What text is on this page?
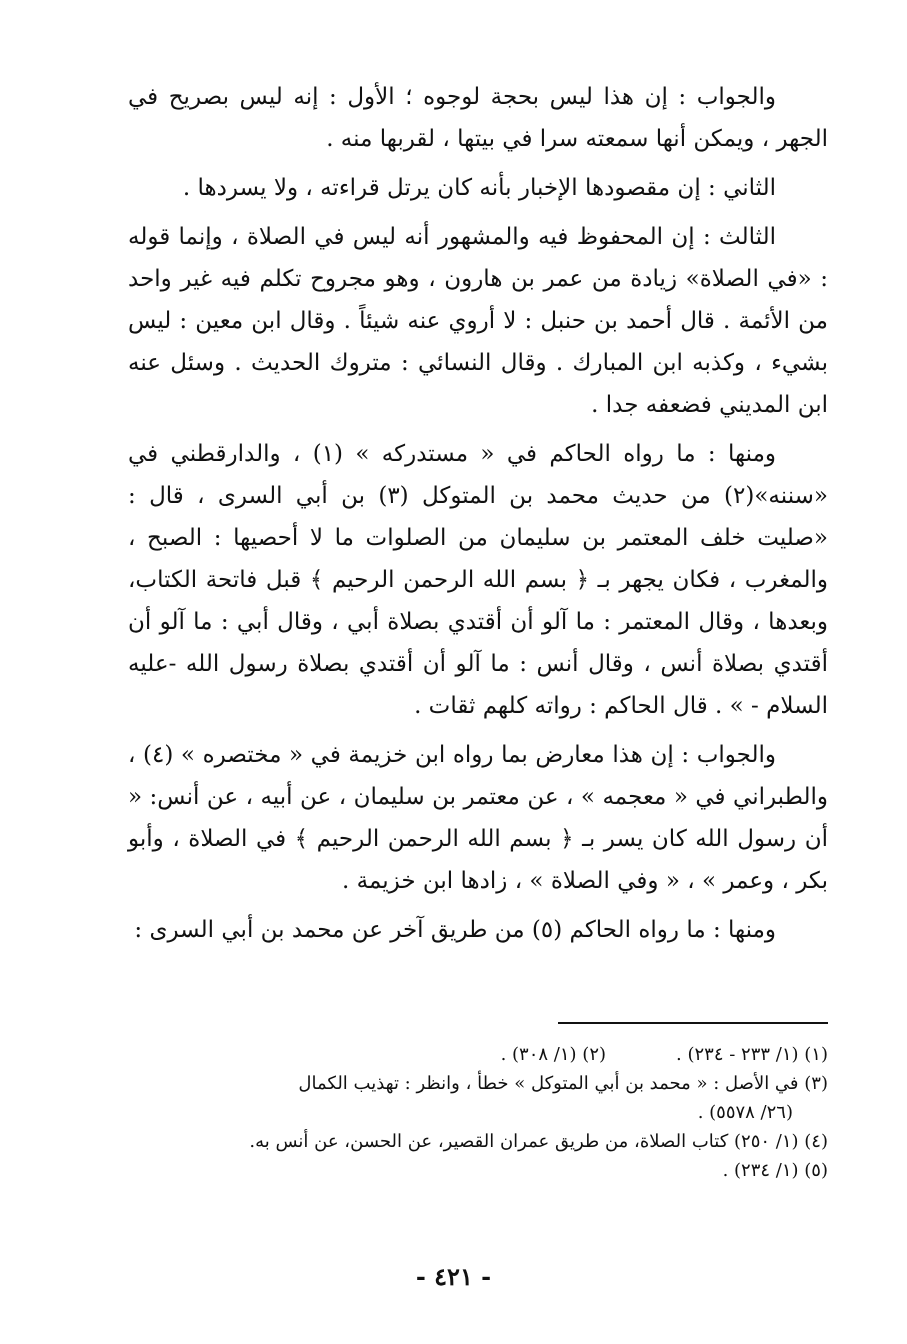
والجواب : إن هذا ليس بحجة لوجوه ؛ الأول : إنه ليس بصريح في الجهر ، ويمكن أنها سمعته سرا في بيتها ، لقربها منه .

الثاني : إن مقصودها الإخبار بأنه كان يرتل قراءته ، ولا يسردها .

الثالث : إن المحفوظ فيه والمشهور أنه ليس في الصلاة ، وإنما قوله : «في الصلاة» زيادة من عمر بن هارون ، وهو مجروح تكلم فيه غير واحد من الأئمة . قال أحمد بن حنبل : لا أروي عنه شيئاً . وقال ابن معين : ليس بشيء ، وكذبه ابن المبارك . وقال النسائي : متروك الحديث . وسئل عنه ابن المديني فضعفه جدا .

ومنها : ما رواه الحاكم في « مستدركه » (١) ، والدارقطني في «سننه»(٢) من حديث محمد بن المتوكل (٣) بن أبي السرى ، قال : «صليت خلف المعتمر بن سليمان من الصلوات ما لا أحصيها : الصبح ، والمغرب ، فكان يجهر بـ ﴿ بسم الله الرحمن الرحيم ﴾ قبل فاتحة الكتاب، وبعدها ، وقال المعتمر : ما آلو أن أقتدي بصلاة أبي ، وقال أبي : ما آلو أن أقتدي بصلاة أنس ، وقال أنس : ما آلو أن أقتدي بصلاة رسول الله -عليه السلام - » . قال الحاكم : رواته كلهم ثقات .

والجواب : إن هذا معارض بما رواه ابن خزيمة في « مختصره » (٤) ، والطبراني في « معجمه » ، عن معتمر بن سليمان ، عن أبيه ، عن أنس: « أن رسول الله كان يسر بـ ﴿ بسم الله الرحمن الرحيم ﴾ في الصلاة ، وأبو بكر ، وعمر » ، « وفي الصلاة » ، زادها ابن خزيمة .

ومنها : ما رواه الحاكم (٥) من طريق آخر عن محمد بن أبي السرى :

(١) (١/ ٢٣٣ - ٢٣٤) .

(٢) (١/ ٣٠٨) .

(٣) في الأصل : « محمد بن أبي المتوكل » خطأ ، وانظر : تهذيب الكمال

(٢٦/ ٥٥٧٨) .

(٤) (١/ ٢٥٠) كتاب الصلاة، من طريق عمران القصير، عن الحسن، عن أنس به.

(٥) (١/ ٢٣٤) .

- ٤٢١ -
